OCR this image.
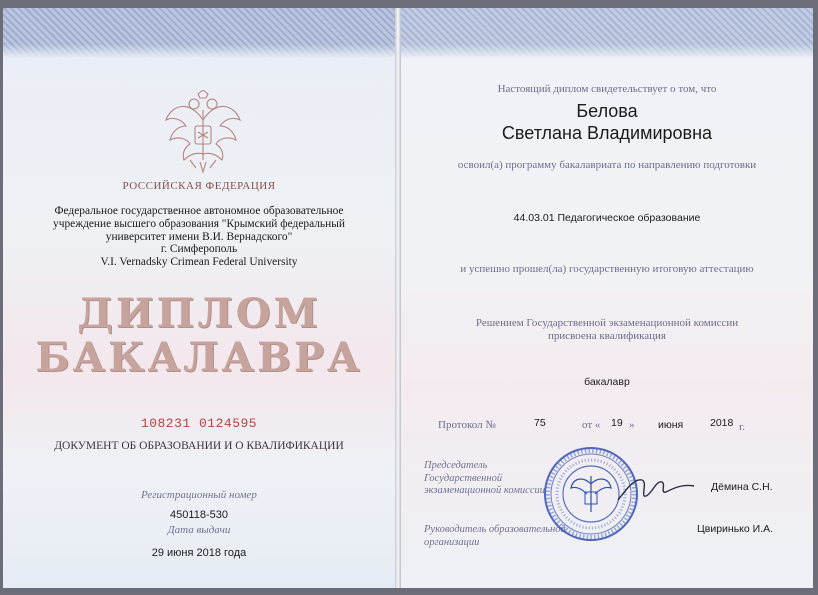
РОССИЙСКАЯ ФЕДЕРАЦИЯ

Федеральное государственное автономное образовательное
учреждение высшего образования "Крымский федеральный
университет имени В.И. Вернадского"
г. Симферополь
V.I. Vernadsky Crimean Federal University

ДИПЛОМ

БАКАЛАВРА

108231 0124595

ДОКУМЕНТ ОБ ОБРАЗОВАНИИ И О КВАЛИФИКАЦИИ

Регистрационный номер

450118-530

Дата выдачи

29 июня 2018 года

Настоящий диплом свидетельствует о том, что

Белова

Светлана Владимировна

освоил(а) программу бакалавриата по направлению подготовки

44.03.01 Педагогическое образование

и успешно прошел(ла) государственную итоговую аттестацию

Решением Государственной экзаменационной комиссии

присвоена квалификация

бакалавр

Протокол №	75	от « 19 » июня	2018 г.

Председатель
Государственной
экзаменационной комиссии	Дёмина С.Н.

Руководитель образовательной
организации

Цвиринько И.А.
